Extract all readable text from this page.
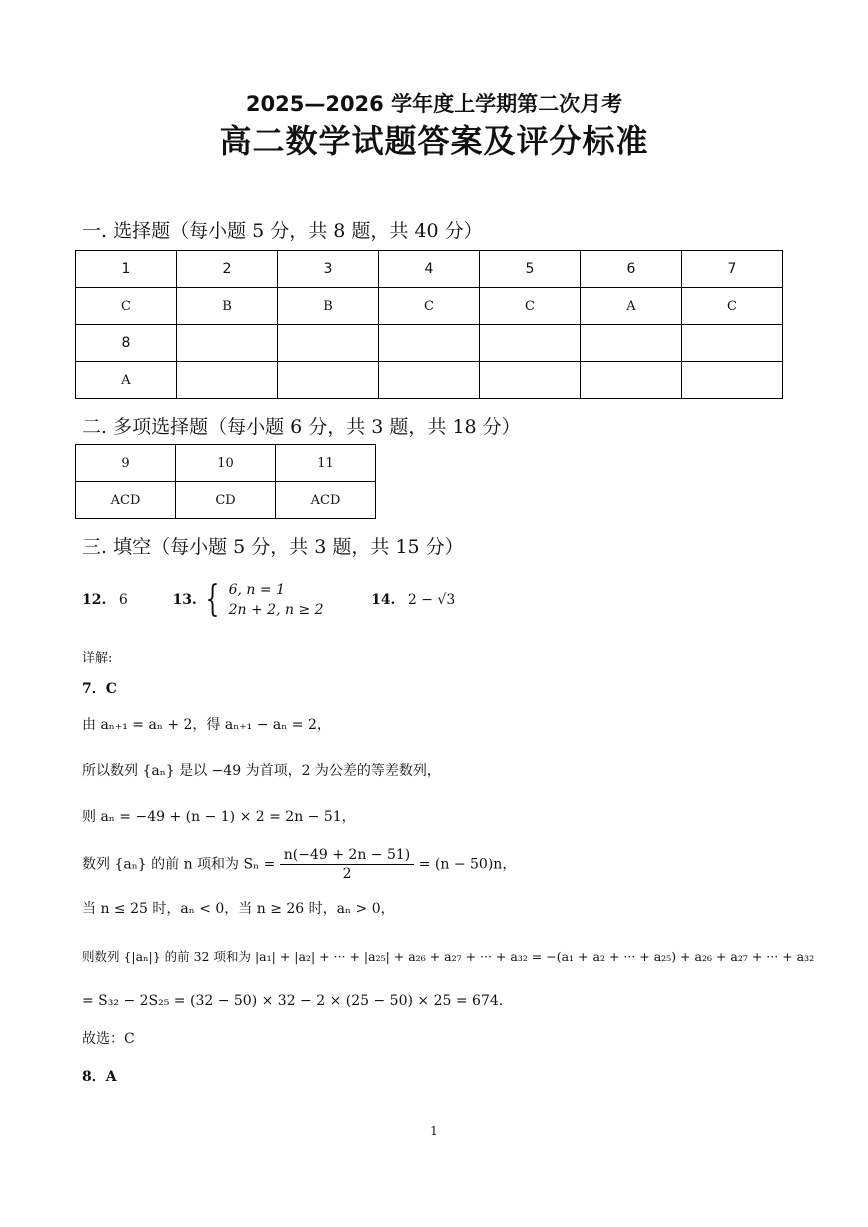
2025—2026 学年度上学期第二次月考
高二数学试题答案及评分标准
一. 选择题（每小题 5 分，共 8 题，共 40 分）
1	2	3	4	5	6	7
C	B	B	C	C	A	C
8						
A						
二. 多项选择题（每小题 6 分，共 3 题，共 18 分）
9	10	11
ACD	CD	ACD
三. 填空（每小题 5 分，共 3 题，共 15 分）
12. 6	13. { 6, n = 1
2n + 2, n ≥ 2
14. 2 − √3
详解:
7．C
由 aₙ₊₁ = aₙ + 2，得 aₙ₊₁ − aₙ = 2，
所以数列 {aₙ} 是以 −49 为首项，2 为公差的等差数列，
则 aₙ = −49 + (n − 1) × 2 = 2n − 51，
数列 {aₙ} 的前 n 项和为 $S_n = \frac{n(-49 + 2n - 51)}{2} = (n - 50)n$，
当 n ≤ 25 时，aₙ < 0，当 n ≥ 26 时，aₙ > 0，
则数列 {|aₙ|} 的前 32 项和为 |a₁| + |a₂| + ··· + |a₂₅| + a₂₆ + a₂₇ + ··· + a₃₂ = −(a₁ + a₂ + ··· + a₂₅) + a₂₆ + a₂₇ + ··· + a₃₂
= S₃₂ − 2S₂₅ = (32 − 50) × 32 − 2 × (25 − 50) × 25 = 674.
故选：C
8．A
1
